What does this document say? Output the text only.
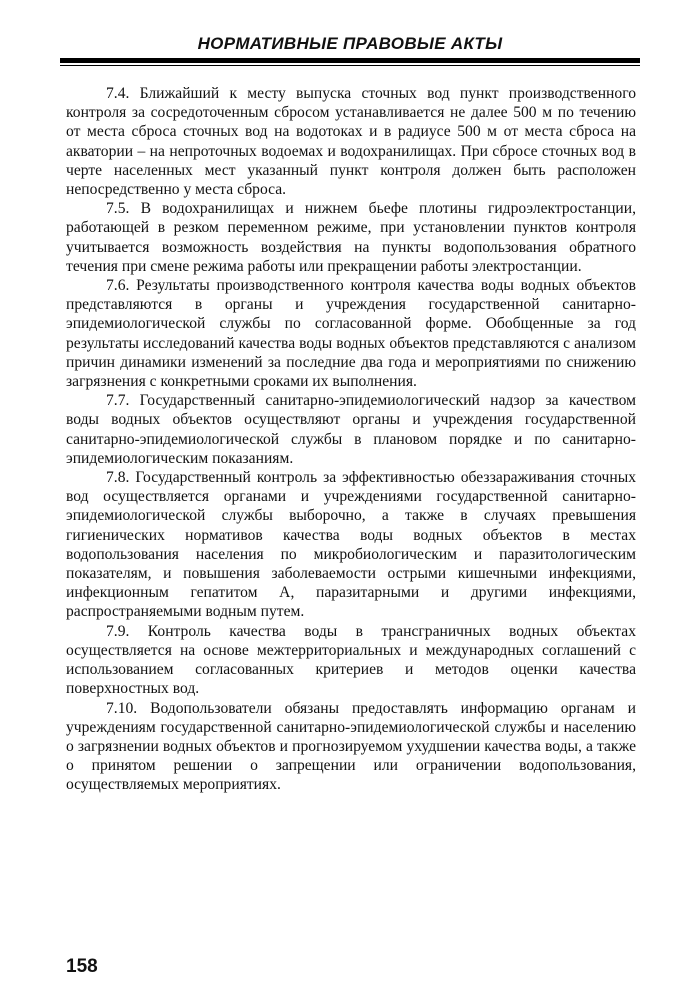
НОРМАТИВНЫЕ ПРАВОВЫЕ АКТЫ

7.4. Ближайший к месту выпуска сточных вод пункт производственного контроля за сосредоточенным сбросом устанавливается не далее 500 м по течению от места сброса сточных вод на водотоках и в радиусе 500 м от места сброса на акватории – на непроточных водоемах и водохранилищах. При сбросе сточных вод в черте населенных мест указанный пункт контроля должен быть расположен непосредственно у места сброса.

7.5. В водохранилищах и нижнем бьефе плотины гидроэлектростанции, работающей в резком переменном режиме, при установлении пунктов контроля учитывается возможность воздействия на пункты водопользования обратного течения при смене режима работы или прекращении работы электростанции.

7.6. Результаты производственного контроля качества воды водных объектов представляются в органы и учреждения государственной санитарно-эпидемиологической службы по согласованной форме. Обобщенные за год результаты исследований качества воды водных объектов представляются с анализом причин динамики изменений за последние два года и мероприятиями по снижению загрязнения с конкретными сроками их выполнения.

7.7. Государственный санитарно-эпидемиологический надзор за качеством воды водных объектов осуществляют органы и учреждения государственной санитарно-эпидемиологической службы в плановом порядке и по санитарно-эпидемиологическим показаниям.

7.8. Государственный контроль за эффективностью обеззараживания сточных вод осуществляется органами и учреждениями государственной санитарно-эпидемиологической службы выборочно, а также в случаях превышения гигиенических нормативов качества воды водных объектов в местах водопользования населения по микробиологическим и паразитологическим показателям, и повышения заболеваемости острыми кишечными инфекциями, инфекционным гепатитом А, паразитарными и другими инфекциями, распространяемыми водным путем.

7.9. Контроль качества воды в трансграничных водных объектах осуществляется на основе межтерриториальных и международных соглашений с использованием согласованных критериев и методов оценки качества поверхностных вод.

7.10. Водопользователи обязаны предоставлять информацию органам и учреждениям государственной санитарно-эпидемиологической службы и населению о загрязнении водных объектов и прогнозируемом ухудшении качества воды, а также о принятом решении о запрещении или ограничении водопользования, осуществляемых мероприятиях.

158
